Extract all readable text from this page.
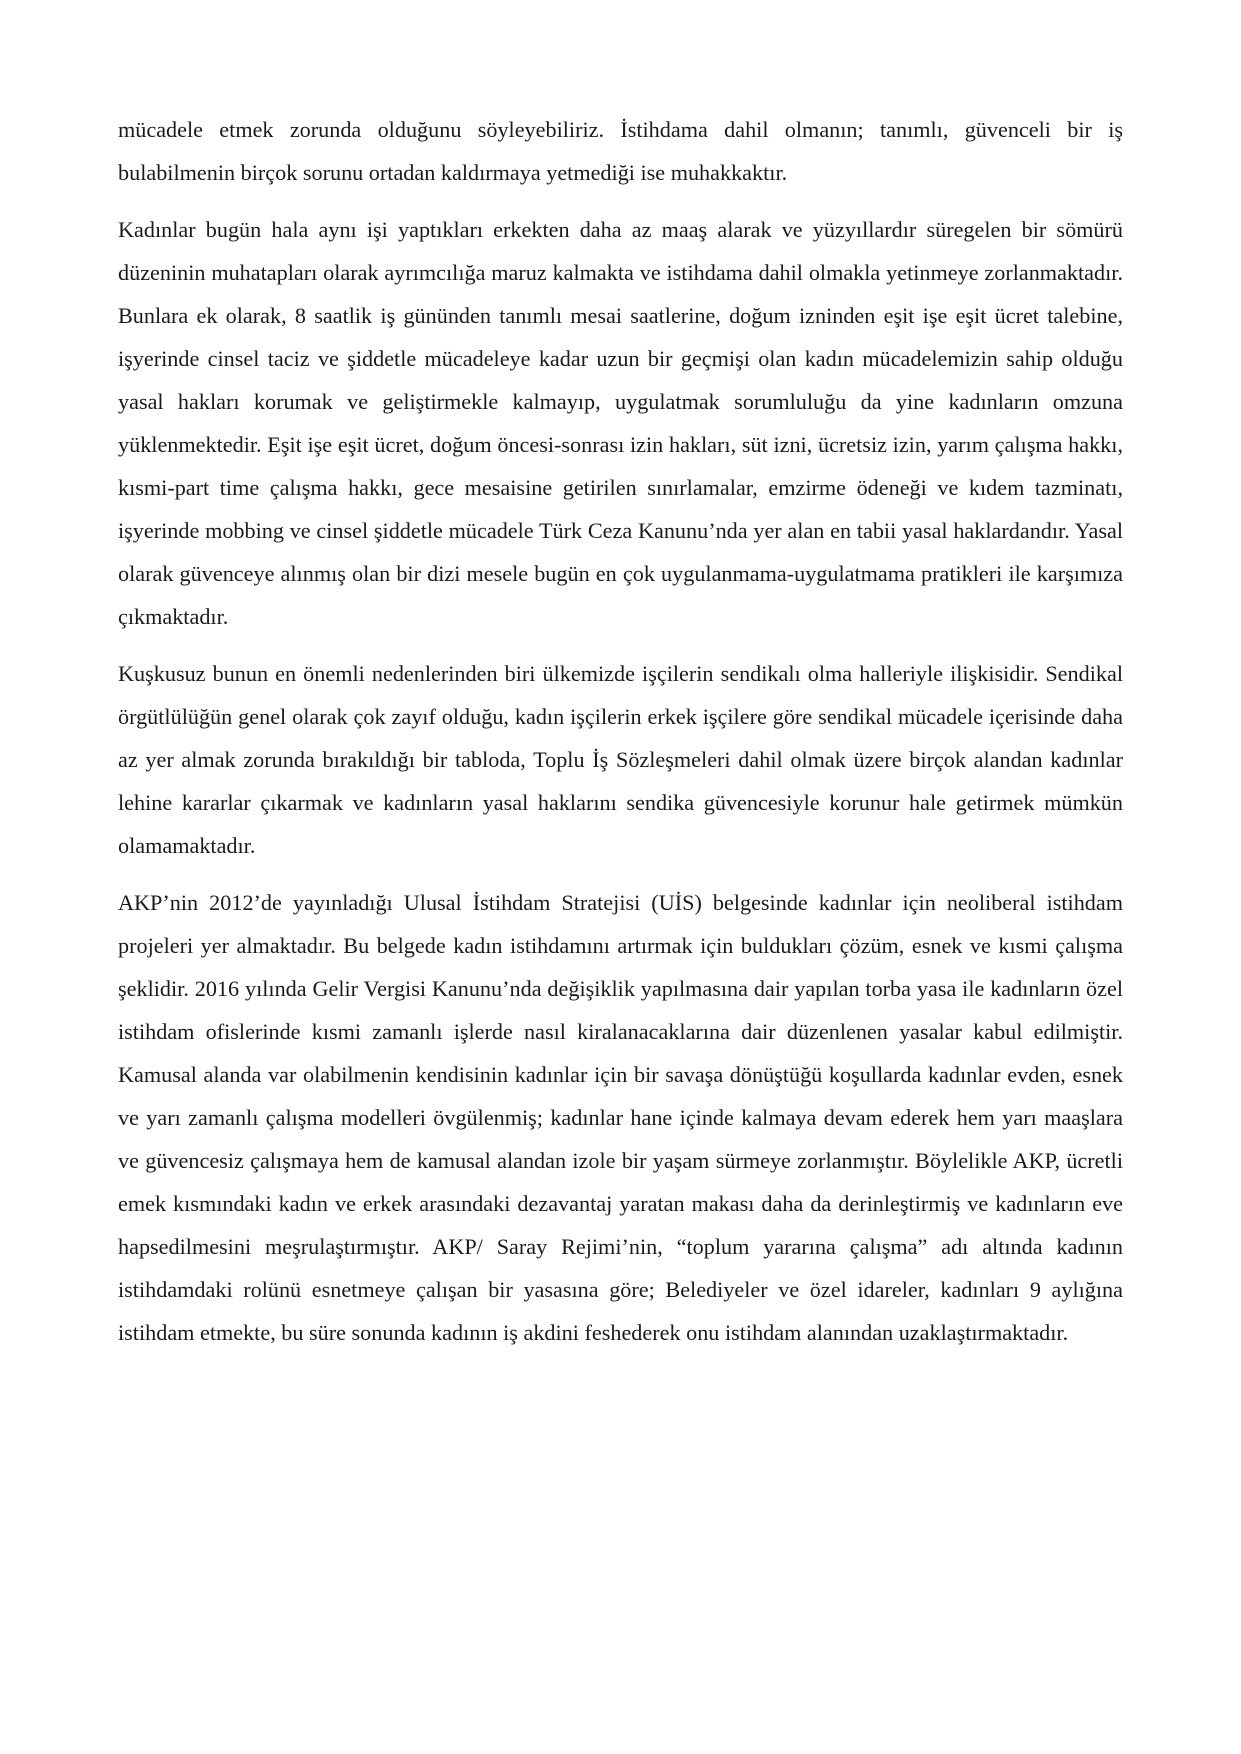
mücadele etmek zorunda olduğunu söyleyebiliriz. İstihdama dahil olmanın; tanımlı, güvenceli bir iş bulabilmenin birçok sorunu ortadan kaldırmaya yetmediği ise muhakkaktır.

Kadınlar bugün hala aynı işi yaptıkları erkekten daha az maaş alarak ve yüzyıllardır süregelen bir sömürü düzeninin muhatapları olarak ayrımcılığa maruz kalmakta ve istihdama dahil olmakla yetinmeye zorlanmaktadır. Bunlara ek olarak, 8 saatlik iş gününden tanımlı mesai saatlerine, doğum izninden eşit işe eşit ücret talebine, işyerinde cinsel taciz ve şiddetle mücadeleye kadar uzun bir geçmişi olan kadın mücadelemizin sahip olduğu yasal hakları korumak ve geliştirmekle kalmayıp, uygulatmak sorumluluğu da yine kadınların omzuna yüklenmektedir. Eşit işe eşit ücret, doğum öncesi-sonrası izin hakları, süt izni, ücretsiz izin, yarım çalışma hakkı, kısmi-part time çalışma hakkı, gece mesaisine getirilen sınırlamalar, emzirme ödeneği ve kıdem tazminatı, işyerinde mobbing ve cinsel şiddetle mücadele Türk Ceza Kanunu’nda yer alan en tabii yasal haklardandır. Yasal olarak güvenceye alınmış olan bir dizi mesele bugün en çok uygulanmama-uygulatmama pratikleri ile karşımıza çıkmaktadır.

Kuşkusuz bunun en önemli nedenlerinden biri ülkemizde işçilerin sendikalı olma halleriyle ilişkisidir. Sendikal örgütlülüğün genel olarak çok zayıf olduğu, kadın işçilerin erkek işçilere göre sendikal mücadele içerisinde daha az yer almak zorunda bırakıldığı bir tabloda, Toplu İş Sözleşmeleri dahil olmak üzere birçok alandan kadınlar lehine kararlar çıkarmak ve kadınların yasal haklarını sendika güvencesiyle korunur hale getirmek mümkün olamamaktadır.

AKP’nin 2012’de yayınladığı Ulusal İstihdam Stratejisi (UİS) belgesinde kadınlar için neoliberal istihdam projeleri yer almaktadır. Bu belgede kadın istihdamını artırmak için buldukları çözüm, esnek ve kısmi çalışma şeklidir. 2016 yılında Gelir Vergisi Kanunu’nda değişiklik yapılmasına dair yapılan torba yasa ile kadınların özel istihdam ofislerinde kısmi zamanlı işlerde nasıl kiralanacaklarına dair düzenlenen yasalar kabul edilmiştir. Kamusal alanda var olabilmenin kendisinin kadınlar için bir savaşa dönüştüğü koşullarda kadınlar evden, esnek ve yarı zamanlı çalışma modelleri övgülenmiş; kadınlar hane içinde kalmaya devam ederek hem yarı maaşlara ve güvencesiz çalışmaya hem de kamusal alandan izole bir yaşam sürmeye zorlanmıştır. Böylelikle AKP, ücretli emek kısmındaki kadın ve erkek arasındaki dezavantaj yaratan makası daha da derinleştirmiş ve kadınların eve hapsedilmesini meşrulaştırmıştır. AKP/ Saray Rejimi’nin, “toplum yararına çalışma” adı altında kadının istihdamdaki rolünü esnetmeye çalışan bir yasasına göre; Belediyeler ve özel idareler, kadınları 9 aylığına istihdam etmekte, bu süre sonunda kadının iş akdini feshederek onu istihdam alanından uzaklaştırmaktadır.
